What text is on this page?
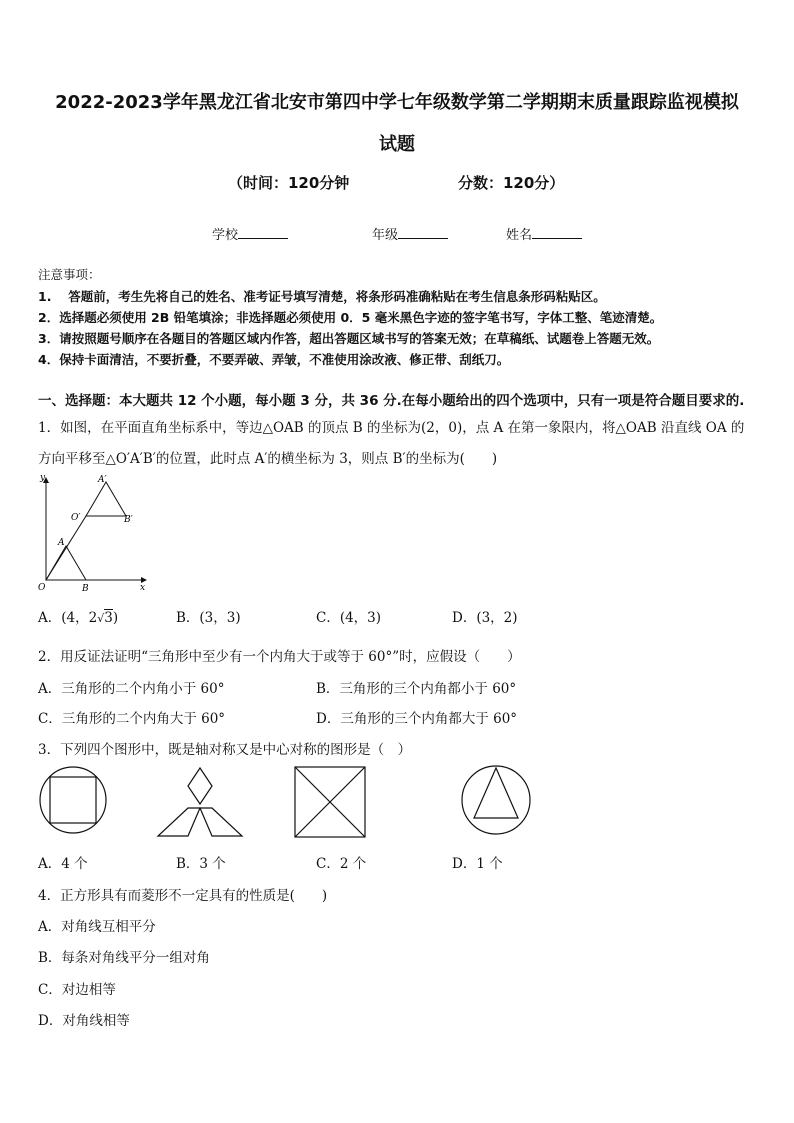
2022-2023学年黑龙江省北安市第四中学七年级数学第二学期期末质量跟踪监视模拟
试题
（时间：120分钟	分数：120分）
学校	年级	姓名
注意事项：
1.　 答题前，考生先将自己的姓名、准考证号填写清楚，将条形码准确粘贴在考生信息条形码粘贴区。
2．选择题必须使用 2B 铅笔填涂；非选择题必须使用 0．5 毫米黑色字迹的签字笔书写，字体工整、笔迹清楚。
3．请按照题号顺序在各题目的答题区域内作答，超出答题区域书写的答案无效；在草稿纸、试题卷上答题无效。
4．保持卡面清洁，不要折叠，不要弄破、弄皱，不准使用涂改液、修正带、刮纸刀。
一、选择题：本大题共 12 个小题，每小题 3 分，共 36 分.在每小题给出的四个选项中，只有一项是符合题目要求的.
1．如图，在平面直角坐标系中，等边△OAB 的顶点 B 的坐标为(2，0)，点 A 在第一象限内，将△OAB 沿直线 OA 的
方向平移至△O′A′B′的位置，此时点 A′的横坐标为 3，则点 B′的坐标为(　　)
y
x
O
A
B
O′
A′
B′
A．(4，2√3)	B．(3，3)	C．(4，3)	D．(3，2)
2．用反证法证明“三角形中至少有一个内角大于或等于 60°”时，应假设（　　）
A．三角形的二个内角小于 60°	B．三角形的三个内角都小于 60°
C．三角形的二个内角大于 60°	D．三角形的三个内角都大于 60°
3．下列四个图形中，既是轴对称又是中心对称的图形是（　）
A．4 个	B．3 个	C．2 个	D．1 个
4．正方形具有而菱形不一定具有的性质是(　　)
A．对角线互相平分
B．每条对角线平分一组对角
C．对边相等
D．对角线相等
